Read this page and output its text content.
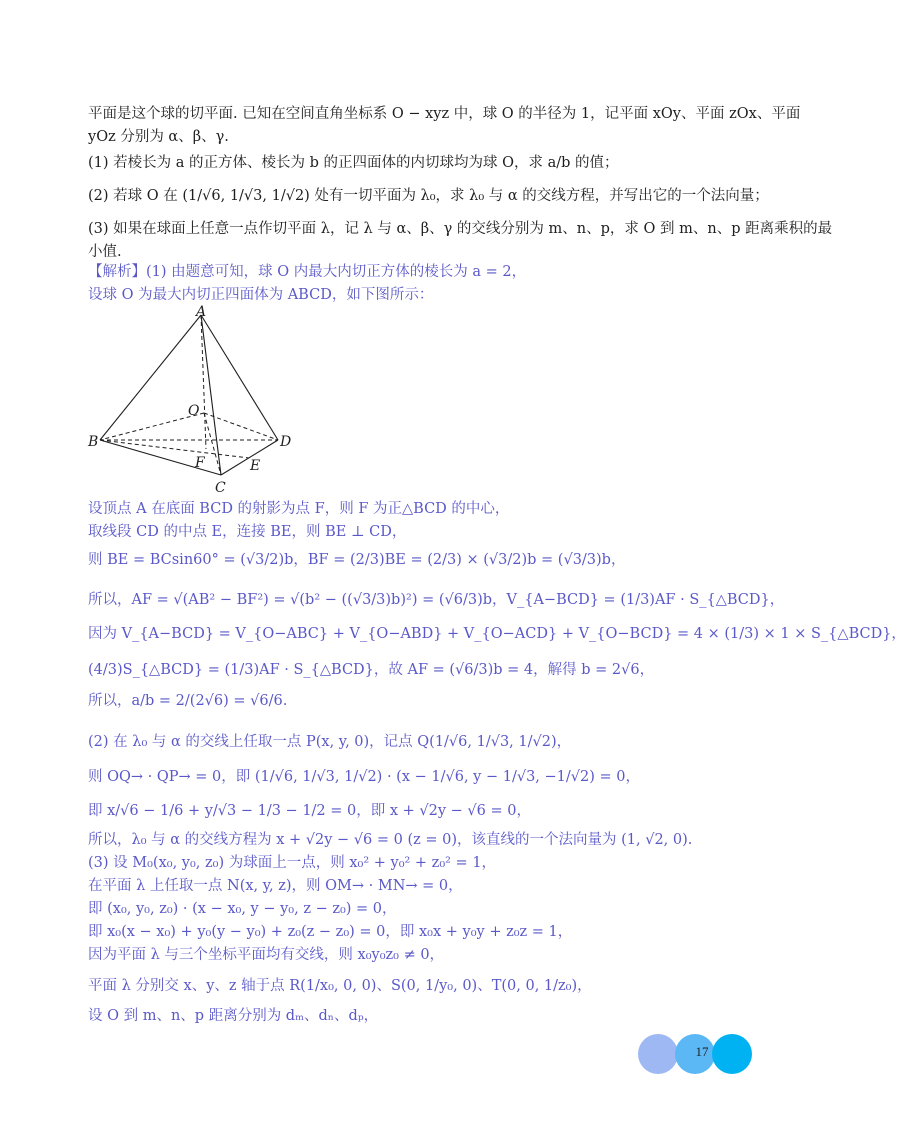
平面是这个球的切平面. 已知在空间直角坐标系 O − xyz 中，球 O 的半径为 1，记平面 xOy、平面 zOx、平面
yOz 分别为 α、β、γ.
(1) 若棱长为 a 的正方体、棱长为 b 的正四面体的内切球均为球 O，求 a/b 的值；
(2) 若球 O 在 (1/√6, 1/√3, 1/√2) 处有一切平面为 λ₀，求 λ₀ 与 α 的交线方程，并写出它的一个法向量；
(3) 如果在球面上任意一点作切平面 λ，记 λ 与 α、β、γ 的交线分别为 m、n、p，求 O 到 m、n、p 距离乘积的最
小值.
【解析】(1) 由题意可知，球 O 内最大内切正方体的棱长为 a = 2，
设球 O 为最大内切正四面体为 ABCD，如下图所示：
A
B	D
C
O
F	E
设顶点 A 在底面 BCD 的射影为点 F，则 F 为正△BCD 的中心，
取线段 CD 的中点 E，连接 BE，则 BE ⊥ CD，
则 BE = BCsin60° = (√3/2)b，BF = (2/3)BE = (2/3) × (√3/2)b = (√3/3)b，
所以，AF = √(AB² − BF²) = √(b² − ((√3/3)b)²) = (√6/3)b，V_{A−BCD} = (1/3)AF · S_{△BCD}，
因为 V_{A−BCD} = V_{O−ABC} + V_{O−ABD} + V_{O−ACD} + V_{O−BCD} = 4 × (1/3) × 1 × S_{△BCD}，
(4/3)S_{△BCD} = (1/3)AF · S_{△BCD}，故 AF = (√6/3)b = 4，解得 b = 2√6，
所以，a/b = 2/(2√6) = √6/6.
(2) 在 λ₀ 与 α 的交线上任取一点 P(x, y, 0)，记点 Q(1/√6, 1/√3, 1/√2)，
则 OQ→ · QP→ = 0，即 (1/√6, 1/√3, 1/√2) · (x − 1/√6, y − 1/√3, −1/√2) = 0，
即 x/√6 − 1/6 + y/√3 − 1/3 − 1/2 = 0，即 x + √2y − √6 = 0，
所以，λ₀ 与 α 的交线方程为 x + √2y − √6 = 0 (z = 0)，该直线的一个法向量为 (1, √2, 0).
(3) 设 M₀(x₀, y₀, z₀) 为球面上一点，则 x₀² + y₀² + z₀² = 1，
在平面 λ 上任取一点 N(x, y, z)，则 OM→ · MN→ = 0，
即 (x₀, y₀, z₀) · (x − x₀, y − y₀, z − z₀) = 0，
即 x₀(x − x₀) + y₀(y − y₀) + z₀(z − z₀) = 0，即 x₀x + y₀y + z₀z = 1，
因为平面 λ 与三个坐标平面均有交线，则 x₀y₀z₀ ≠ 0，
平面 λ 分别交 x、y、z 轴于点 R(1/x₀, 0, 0)、S(0, 1/y₀, 0)、T(0, 0, 1/z₀)，
设 O 到 m、n、p 距离分别为 dₘ、dₙ、dₚ，
17
